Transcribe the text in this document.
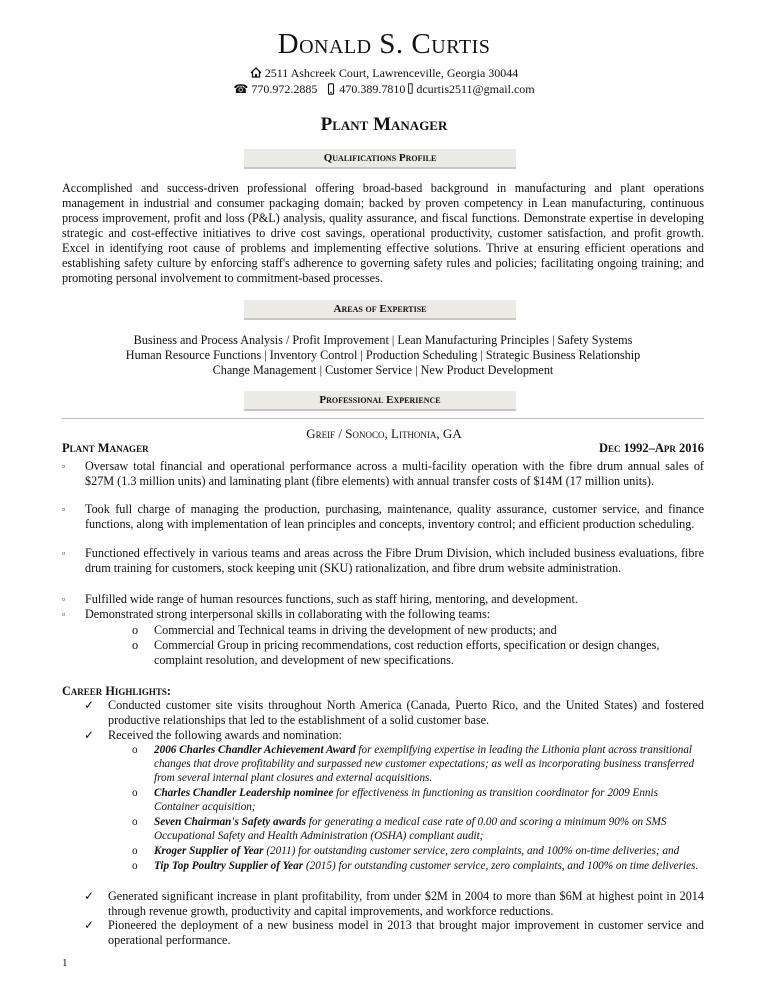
Donald S. Curtis
2511 Ashcreek Court, Lawrenceville, Georgia 30044
☎ 770.972.2885 470.389.7810 dcurtis2511@gmail.com
Plant Manager
Qualifications Profile
Accomplished and success-driven professional offering broad-based background in manufacturing and plant operations management in industrial and consumer packaging domain; backed by proven competency in Lean manufacturing, continuous process improvement, profit and loss (P&L) analysis, quality assurance, and fiscal functions. Demonstrate expertise in developing strategic and cost-effective initiatives to drive cost savings, operational productivity, customer satisfaction, and profit growth. Excel in identifying root cause of problems and implementing effective solutions. Thrive at ensuring efficient operations and establishing safety culture by enforcing staff's adherence to governing safety rules and policies; facilitating ongoing training; and promoting personal involvement to commitment-based processes.
Areas of Expertise
Business and Process Analysis / Profit Improvement | Lean Manufacturing Principles | Safety Systems
Human Resource Functions | Inventory Control | Production Scheduling | Strategic Business Relationship
Change Management | Customer Service | New Product Development
Professional Experience
Greif / Sonoco, Lithonia, GA
Plant Manager	Dec 1992–Apr 2016
▫ Oversaw total financial and operational performance across a multi-facility operation with the fibre drum annual sales of $27M (1.3 million units) and laminating plant (fibre elements) with annual transfer costs of $14M (17 million units).
▫ Took full charge of managing the production, purchasing, maintenance, quality assurance, customer service, and finance functions, along with implementation of lean principles and concepts, inventory control; and efficient production scheduling.
▫ Functioned effectively in various teams and areas across the Fibre Drum Division, which included business evaluations, fibre drum training for customers, stock keeping unit (SKU) rationalization, and fibre drum website administration.
▫ Fulfilled wide range of human resources functions, such as staff hiring, mentoring, and development.
▫ Demonstrated strong interpersonal skills in collaborating with the following teams:
o Commercial and Technical teams in driving the development of new products; and
o Commercial Group in pricing recommendations, cost reduction efforts, specification or design changes, complaint resolution, and development of new specifications.
Career Highlights:
✓ Conducted customer site visits throughout North America (Canada, Puerto Rico, and the United States) and fostered productive relationships that led to the establishment of a solid customer base.
✓ Received the following awards and nomination:
o 2006 Charles Chandler Achievement Award for exemplifying expertise in leading the Lithonia plant across transitional changes that drove profitability and surpassed new customer expectations; as well as incorporating business transferred from several internal plant closures and external acquisitions.
o Charles Chandler Leadership nominee for effectiveness in functioning as transition coordinator for 2009 Ennis Container acquisition;
o Seven Chairman's Safety awards for generating a medical case rate of 0.00 and scoring a minimum 90% on SMS Occupational Safety and Health Administration (OSHA) compliant audit;
o Kroger Supplier of Year (2011) for outstanding customer service, zero complaints, and 100% on-time deliveries; and
o Tip Top Poultry Supplier of Year (2015) for outstanding customer service, zero complaints, and 100% on time deliveries.
✓ Generated significant increase in plant profitability, from under $2M in 2004 to more than $6M at highest point in 2014 through revenue growth, productivity and capital improvements, and workforce reductions.
✓ Pioneered the deployment of a new business model in 2013 that brought major improvement in customer service and operational performance.
1
